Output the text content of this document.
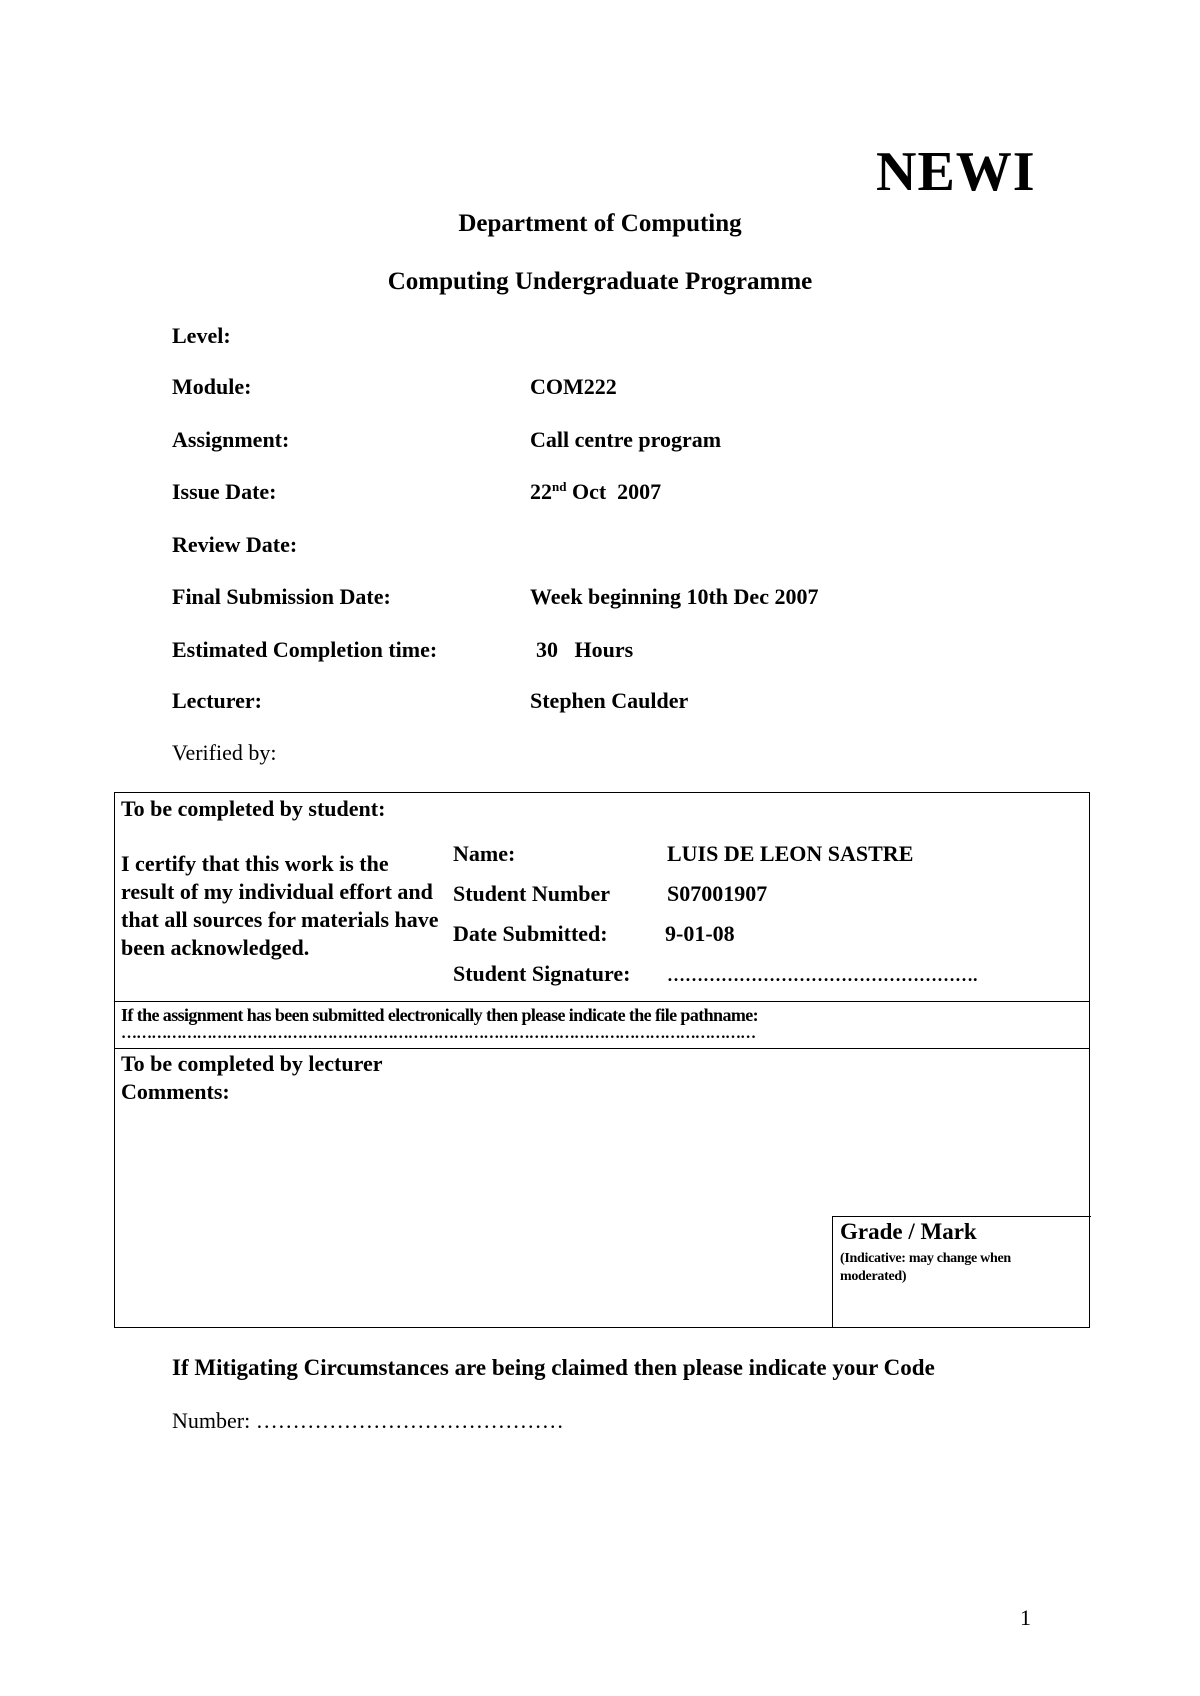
NEWI
Department of Computing
Computing Undergraduate Programme
Level:
Module:	COM222
Assignment:	Call centre program
Issue Date:	22nd Oct  2007
Review Date:
Final Submission Date:	Week beginning 10th Dec 2007
Estimated Completion time:	30   Hours
Lecturer:	Stephen Caulder
Verified by:
To be completed by student:
I certify that this work is the result of my individual effort and that all sources for materials have been acknowledged.
Name:	LUIS DE LEON SASTRE
Student Number	S07001907
Date Submitted:	9-01-08
Student Signature: …………………………………………….
If the assignment has been submitted electronically then please indicate the file pathname:
………………………………………………………………………………………………………………
To be completed by lecturer
Comments:
Grade / Mark
(Indicative: may change when moderated)
If Mitigating Circumstances are being claimed then please indicate your Code
Number: ……………………………………
1
